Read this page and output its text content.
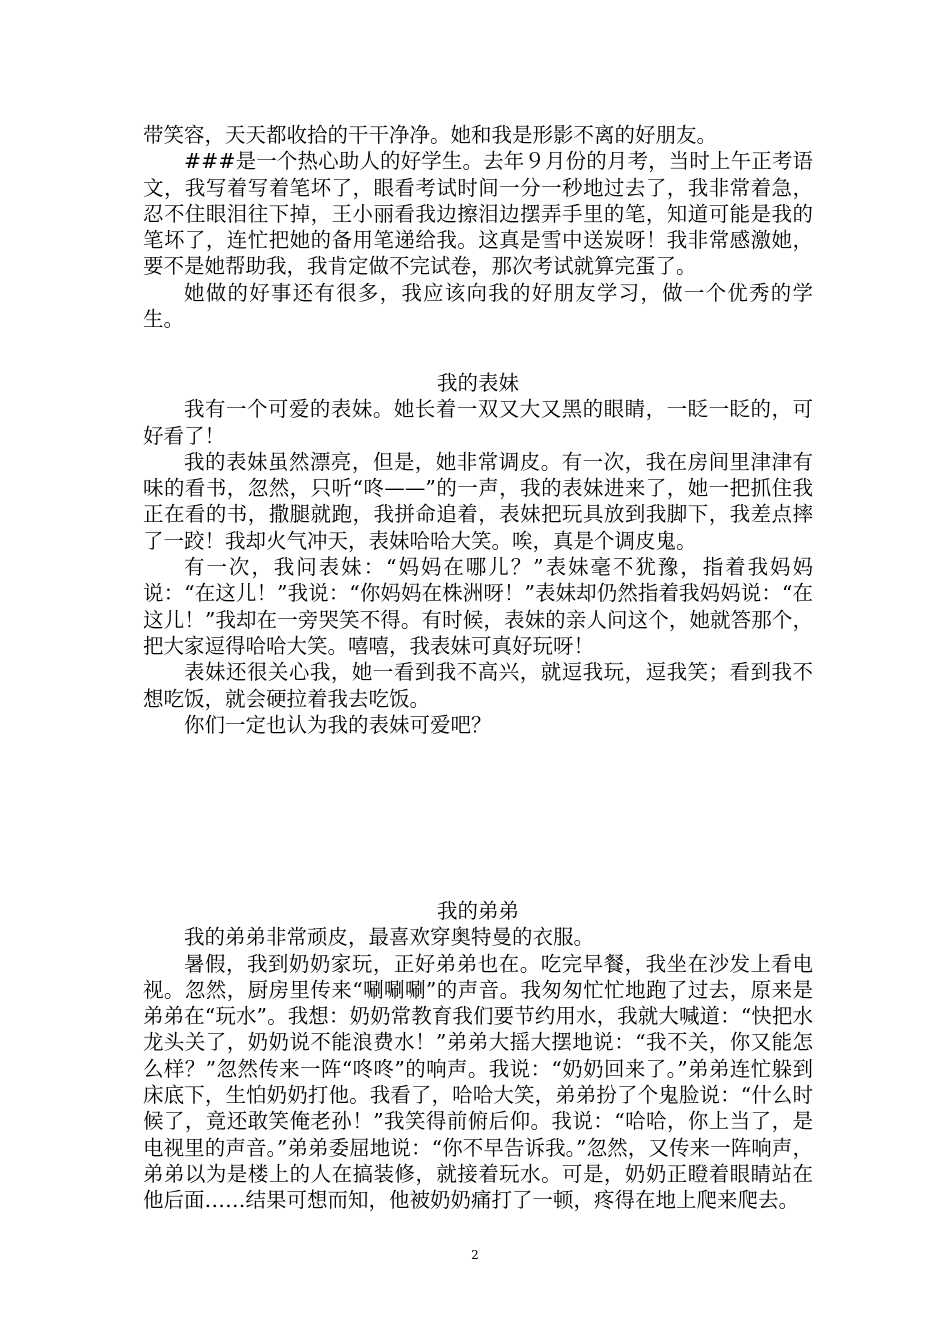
带笑容，天天都收拾的干干净净。她和我是形影不离的好朋友。

###是一个热心助人的好学生。去年９月份的月考，当时上午正考语文，我写着写着笔坏了，眼看考试时间一分一秒地过去了，我非常着急，忍不住眼泪往下掉，王小丽看我边擦泪边摆弄手里的笔，知道可能是我的笔坏了，连忙把她的备用笔递给我。这真是雪中送炭呀！我非常感激她，要不是她帮助我，我肯定做不完试卷，那次考试就算完蛋了。

她做的好事还有很多，我应该向我的好朋友学习，做一个优秀的学生。

我的表妹

我有一个可爱的表妹。她长着一双又大又黑的眼睛，一眨一眨的，可好看了！

我的表妹虽然漂亮，但是，她非常调皮。有一次，我在房间里津津有味的看书，忽然，只听“咚——”的一声，我的表妹进来了，她一把抓住我正在看的书，撒腿就跑，我拼命追着，表妹把玩具放到我脚下，我差点摔了一跤！我却火气冲天，表妹哈哈大笑。唉，真是个调皮鬼。

有一次，我问表妹：“妈妈在哪儿？”表妹毫不犹豫，指着我妈妈说：“在这儿！”我说：“你妈妈在株洲呀！”表妹却仍然指着我妈妈说：“在这儿！”我却在一旁哭笑不得。有时候，表妹的亲人问这个，她就答那个，把大家逗得哈哈大笑。嘻嘻，我表妹可真好玩呀！

表妹还很关心我，她一看到我不高兴，就逗我玩，逗我笑；看到我不想吃饭，就会硬拉着我去吃饭。

你们一定也认为我的表妹可爱吧？

我的弟弟

我的弟弟非常顽皮，最喜欢穿奥特曼的衣服。

暑假，我到奶奶家玩，正好弟弟也在。吃完早餐，我坐在沙发上看电视。忽然，厨房里传来“唰唰唰”的声音。我匆匆忙忙地跑了过去，原来是弟弟在“玩水”。我想：奶奶常教育我们要节约用水，我就大喊道：“快把水龙头关了，奶奶说不能浪费水！”弟弟大摇大摆地说：“我不关，你又能怎么样？”忽然传来一阵“咚咚”的响声。我说：“奶奶回来了。”弟弟连忙躲到床底下，生怕奶奶打他。我看了，哈哈大笑，弟弟扮了个鬼脸说：“什么时候了，竟还敢笑俺老孙！”我笑得前俯后仰。我说：“哈哈，你上当了，是电视里的声音。”弟弟委屈地说：“你不早告诉我。”忽然，又传来一阵响声，弟弟以为是楼上的人在搞装修，就接着玩水。可是，奶奶正瞪着眼睛站在他后面……结果可想而知，他被奶奶痛打了一顿，疼得在地上爬来爬去。

2
